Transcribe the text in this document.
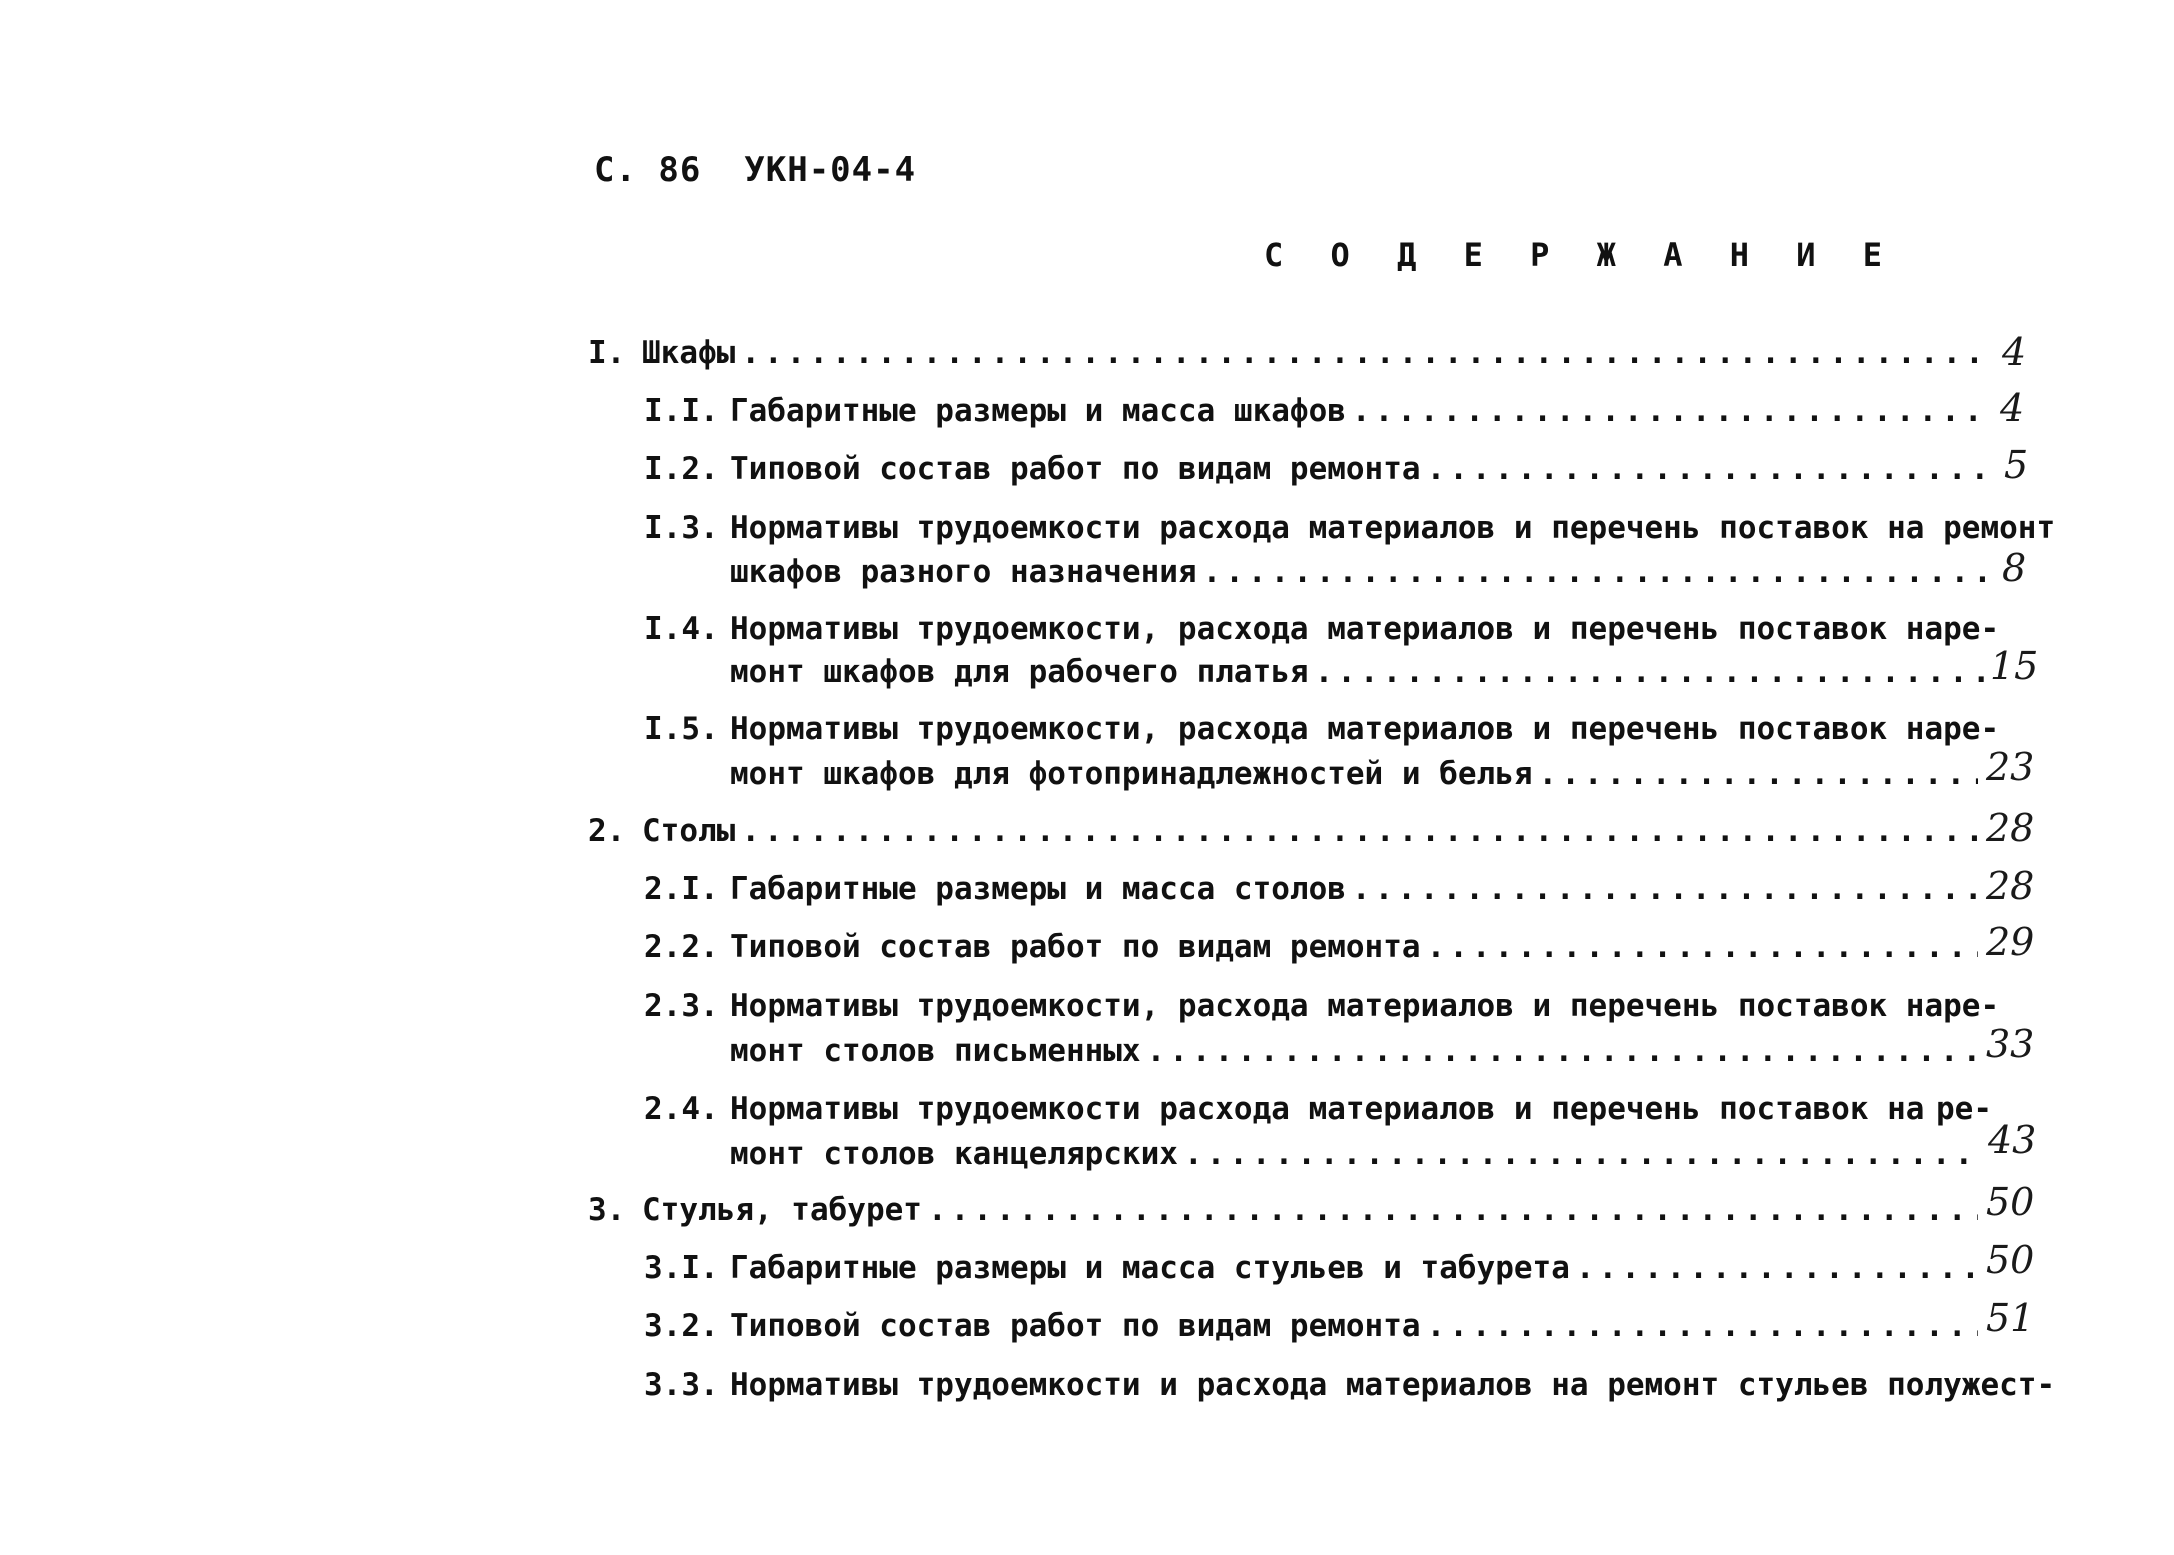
С. 86  УКН-04-4
С О Д Е Р Ж А Н И Е
I. Шкафы .....	4
I.I. Габаритные размеры и масса шкафов .....	4
I.2. Типовой состав работ по видам ремонта .....	5
I.3. Нормативы трудоемкости расхода материалов и перечень поставок на ремонт
шкафов разного назначения .....	8
I.4. Нормативы трудоемкости, расхода материалов и перечень поставок на ре-
монт шкафов для рабочего платья .....	15
I.5. Нормативы трудоемкости, расхода материалов и перечень поставок на ре-
монт шкафов для фотопринадлежностей и белья .....	23
2. Столы .....	28
2.I. Габаритные размеры и масса столов .....	28
2.2. Типовой состав работ по видам ремонта .....	29
2.3. Нормативы трудоемкости, расхода материалов и перечень поставок на ре-
монт столов письменных .....	33
2.4. Нормативы трудоемкости расхода материалов и перечень поставок на ре-
монт столов канцелярских .....	43
3. Стулья, табурет .....	50
3.I. Габаритные размеры и масса стульев и табурета .....	50
3.2. Типовой состав работ по видам ремонта .....	51
3.3. Нормативы трудоемкости и расхода материалов на ремонт стульев полужест-
